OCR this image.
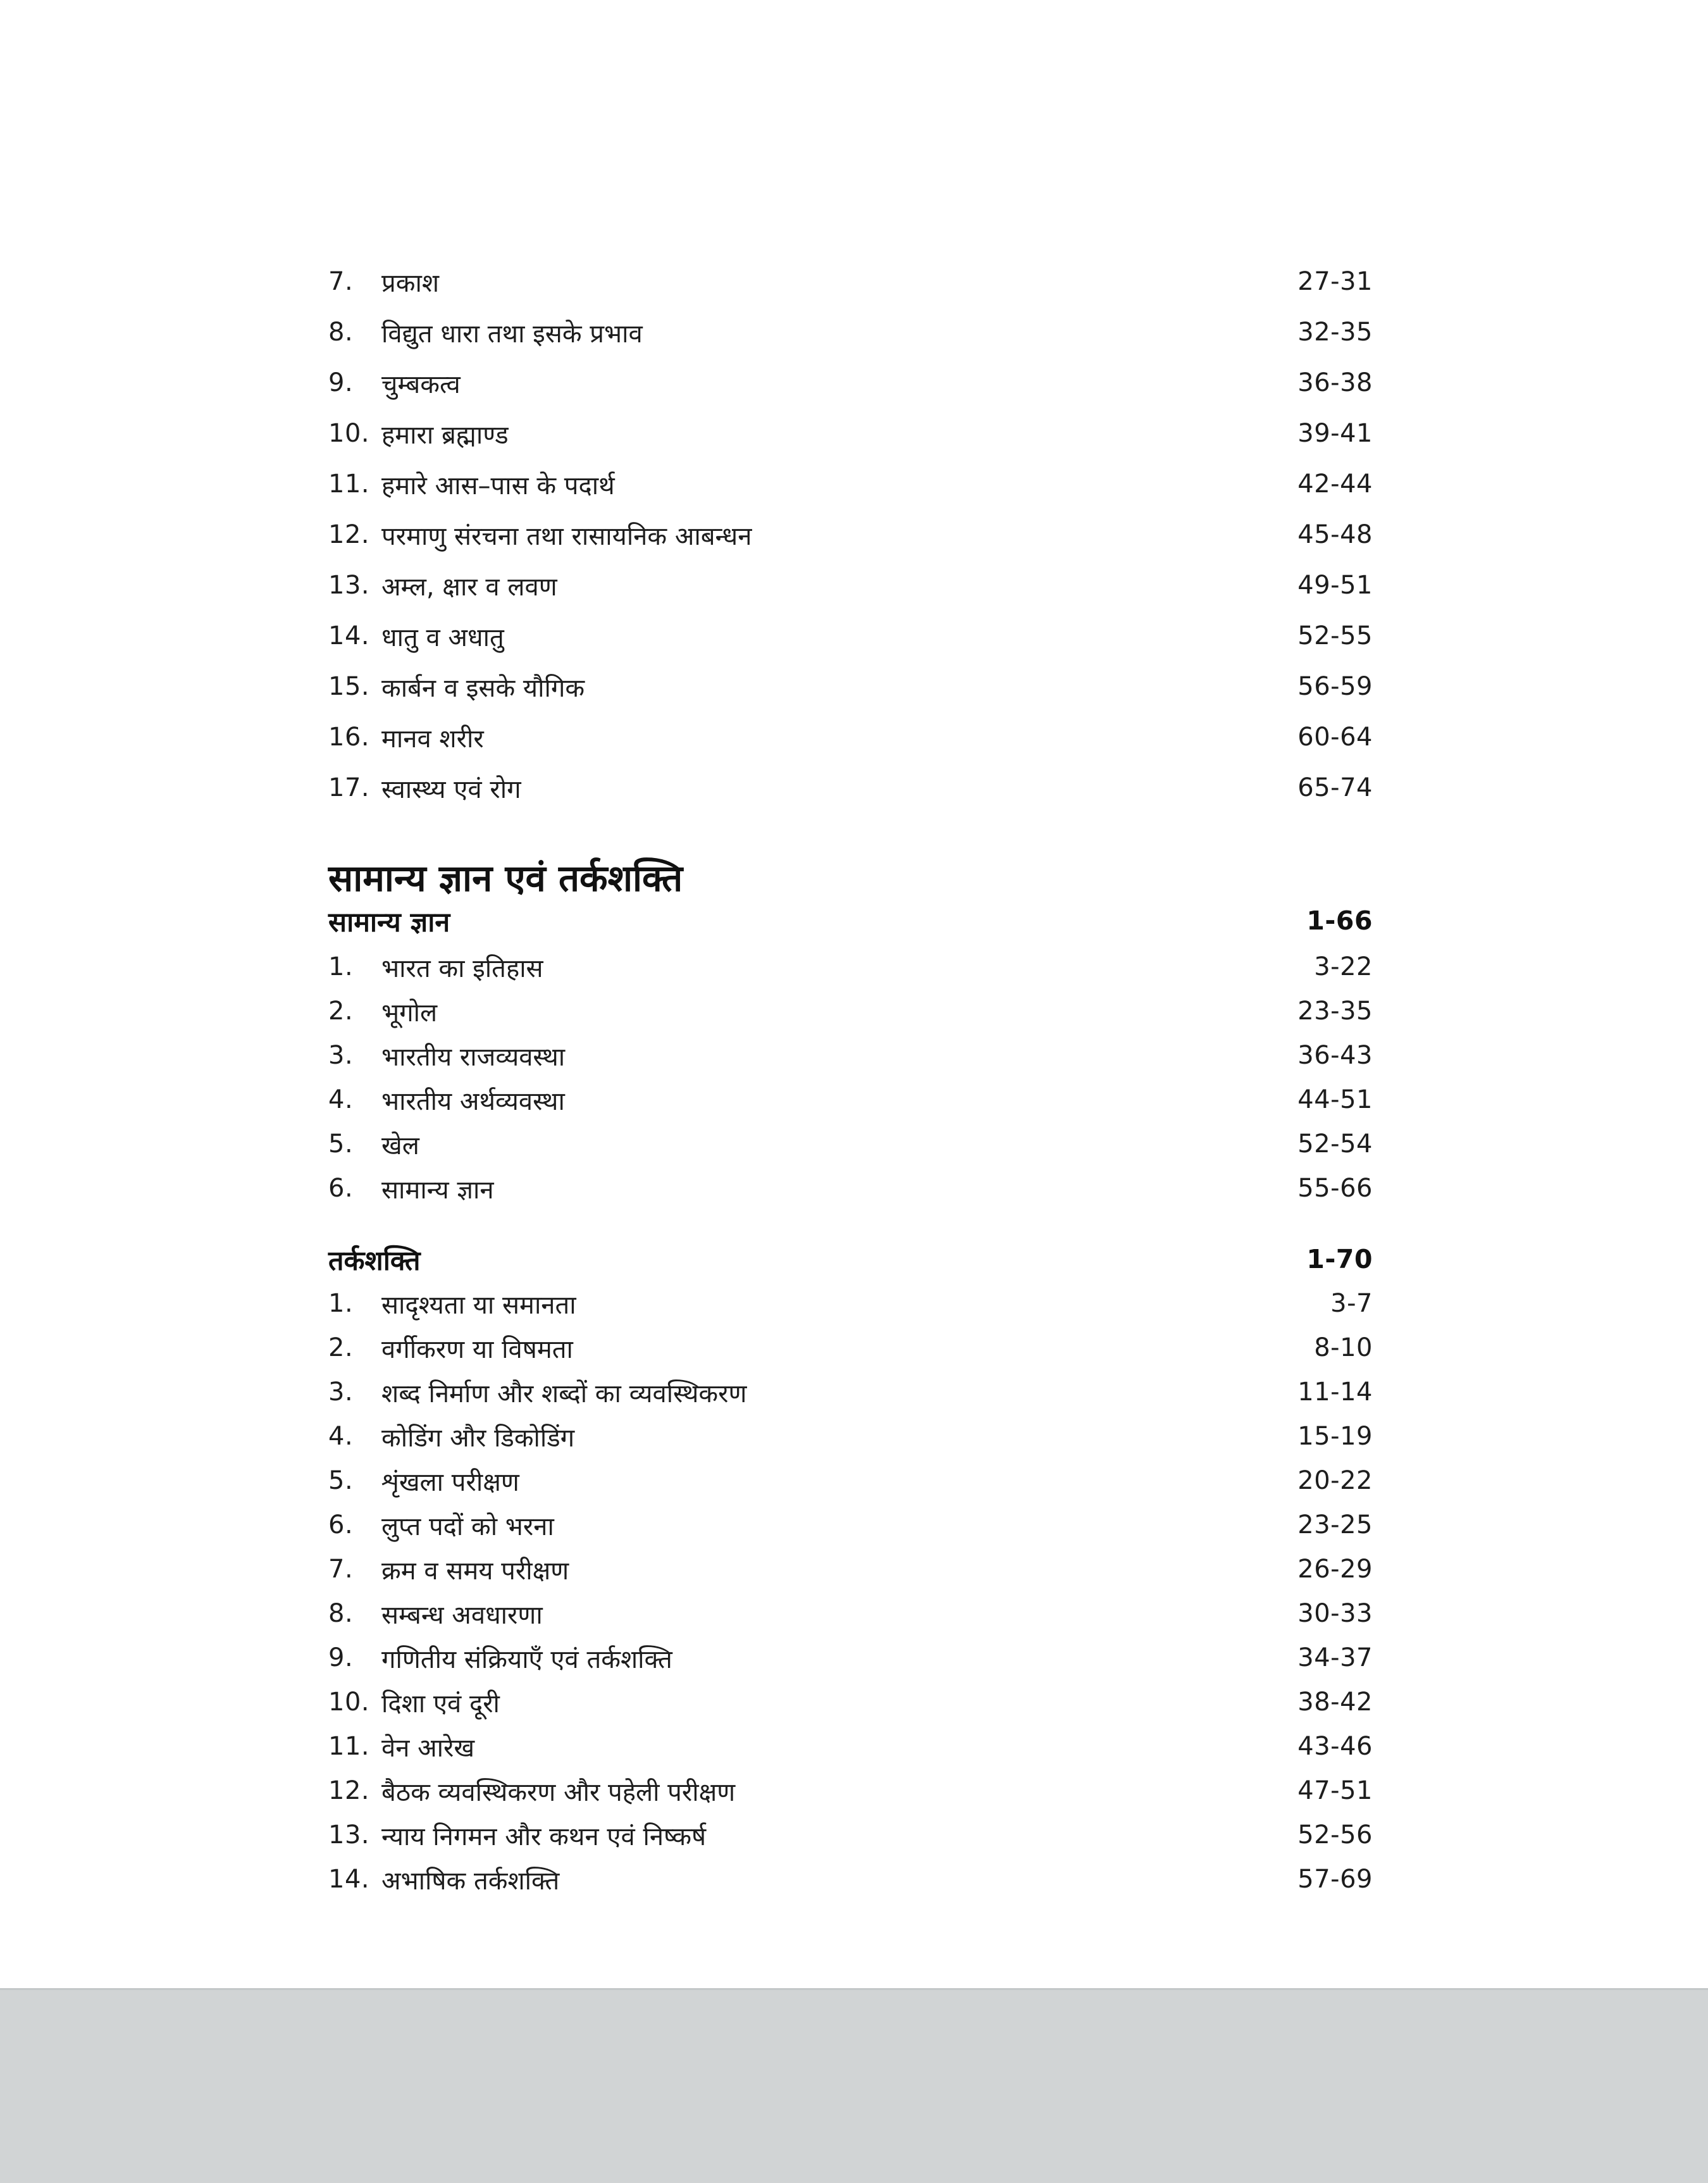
7.	प्रकाश	27-31
8.	विद्युत धारा तथा इसके प्रभाव	32-35
9.	चुम्बकत्व	36-38
10. हमारा ब्रह्माण्ड	39-41
11. हमारे आस–पास के पदार्थ	42-44
12. परमाणु संरचना तथा रासायनिक आबन्धन	45-48
13. अम्ल, क्षार व लवण	49-51
14. धातु व अधातु	52-55
15. कार्बन व इसके यौगिक	56-59
16. मानव शरीर	60-64
17. स्वास्थ्य एवं रोग	65-74
सामान्य ज्ञान एवं तर्कशक्ति
सामान्य ज्ञान	1-66
1.	भारत का इतिहास	3-22
2.	भूगोल	23-35
3.	भारतीय राजव्यवस्था	36-43
4.	भारतीय अर्थव्यवस्था	44-51
5.	खेल	52-54
6.	सामान्य ज्ञान	55-66
तर्कशक्ति	1-70
1.	सादृश्यता या समानता	3-7
2.	वर्गीकरण या विषमता	8-10
3.	शब्द निर्माण और शब्दों का व्यवस्थिकरण	11-14
4.	कोडिंग और डिकोडिंग	15-19
5.	शृंखला परीक्षण	20-22
6.	लुप्त पदों को भरना	23-25
7.	क्रम व समय परीक्षण	26-29
8.	सम्बन्ध अवधारणा	30-33
9.	गणितीय संक्रियाएँ एवं तर्कशक्ति	34-37
10. दिशा एवं दूरी	38-42
11. वेन आरेख	43-46
12. बैठक व्यवस्थिकरण और पहेली परीक्षण	47-51
13. न्याय निगमन और कथन एवं निष्कर्ष	52-56
14. अभाषिक तर्कशक्ति	57-69
